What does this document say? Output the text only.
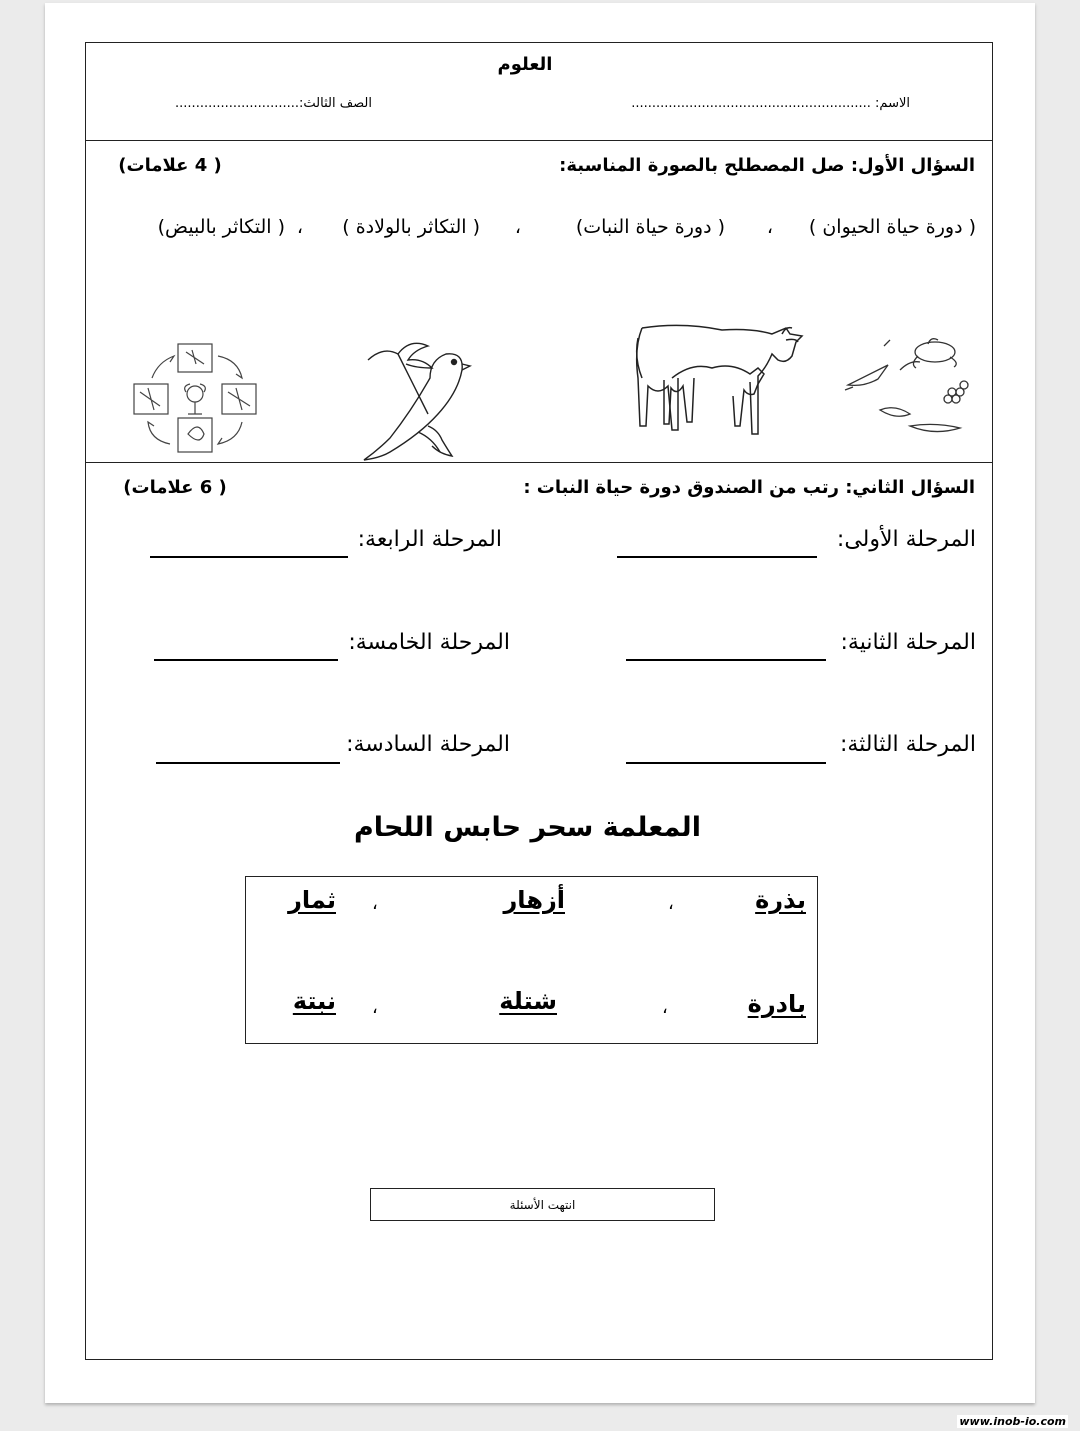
العلوم
الاسم: ..........................................................
الصف الثالث:..............................
السؤال الأول: صل المصطلح بالصورة المناسبة:
( 4 علامات)
( دورة حياة الحيوان )
،
( دورة حياة النبات)
،
( التكاثر بالولادة )
،
( التكاثر بالبيض)
السؤال الثاني: رتب من الصندوق دورة حياة النبات :
( 6 علامات)
المرحلة الأولى:
المرحلة الرابعة:
المرحلة الثانية:
المرحلة الخامسة:
المرحلة الثالثة:
المرحلة السادسة:
المعلمة سحر حابس اللحام
بذرة
،
أزهار
،
ثمار
بادرة
،
شتلة
،
نبتة
انتهت الأسئلة
www.inob-io.com
